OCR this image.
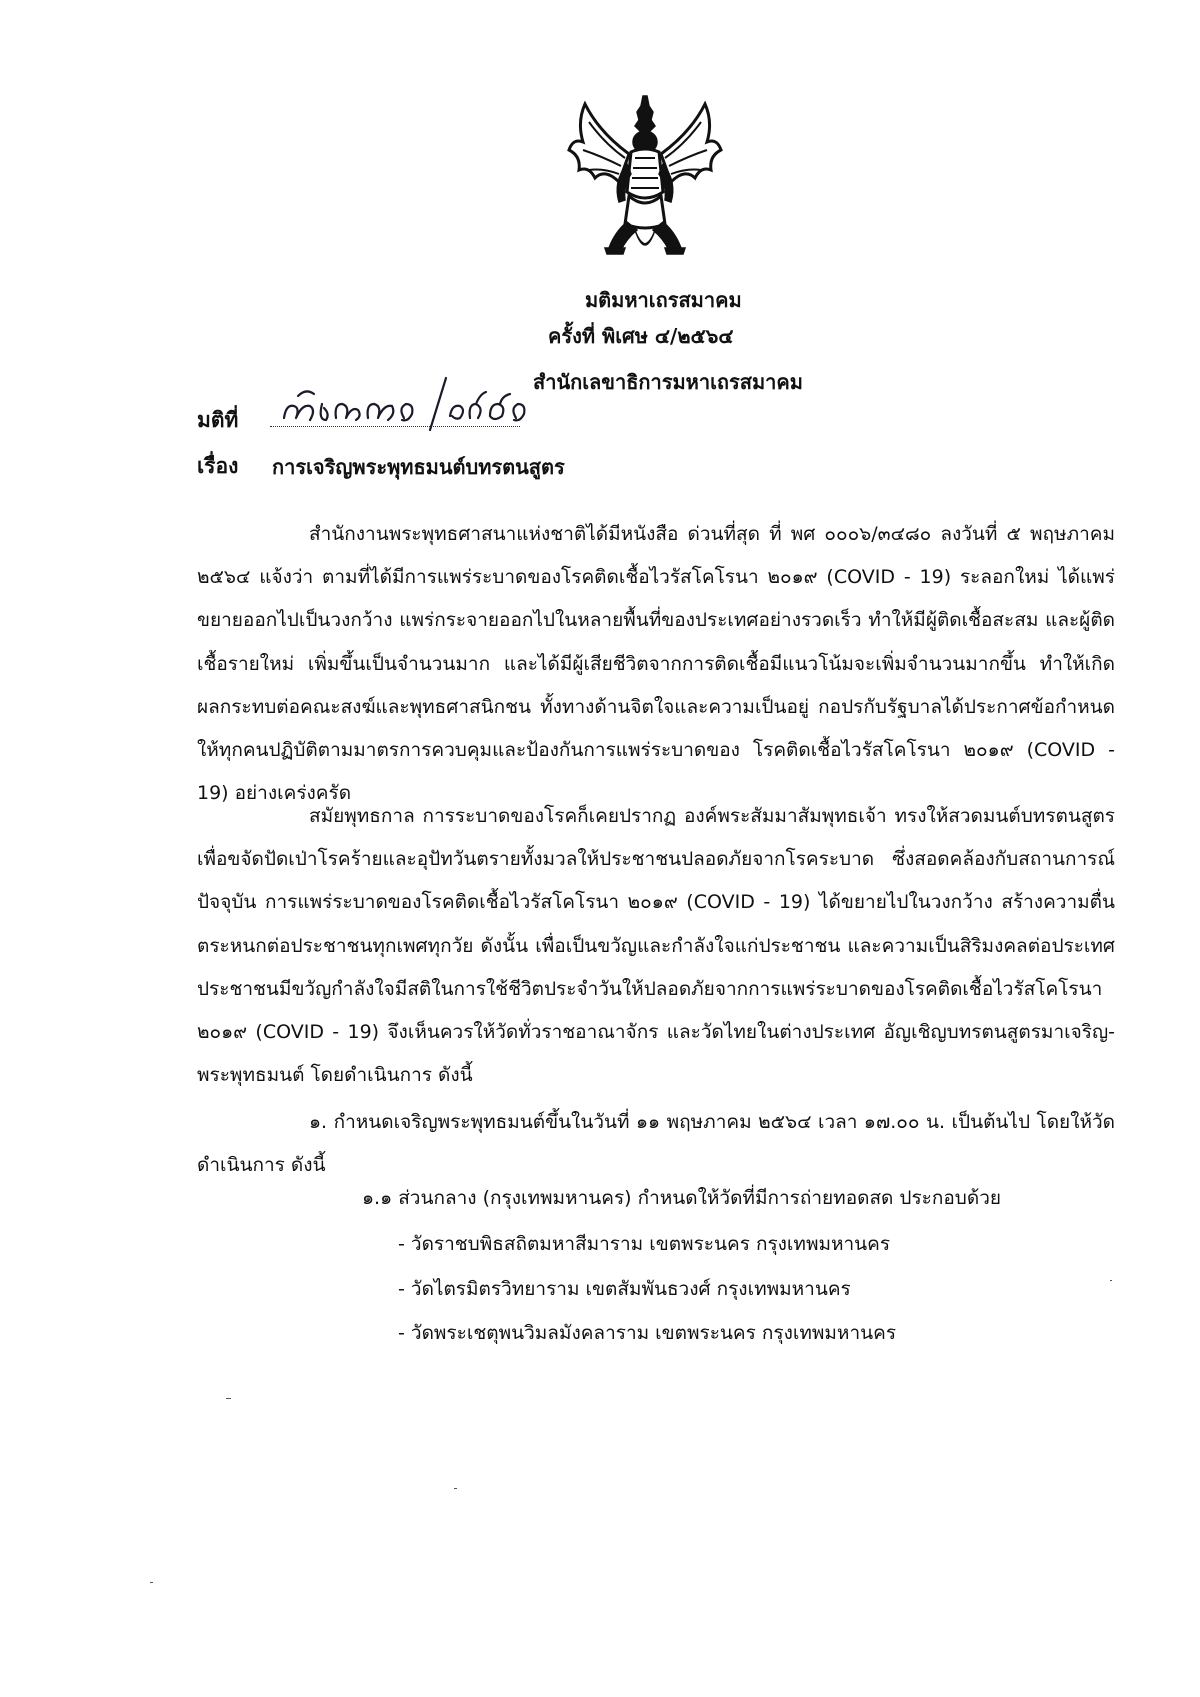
มติมหาเถรสมาคม
ครั้งที่ พิเศษ ๔/๒๕๖๔
สำนักเลขาธิการมหาเถรสมาคม
มติที่
เรื่อง การเจริญพระพุทธมนต์บทรตนสูตร

สำนักงานพระพุทธศาสนาแห่งชาติได้มีหนังสือ ด่วนที่สุด ที่ พศ ๐๐๐๖/๓๔๘๐ ลงวันที่ ๕ พฤษภาคม ๒๕๖๔ แจ้งว่า ตามที่ได้มีการแพร่ระบาดของโรคติดเชื้อไวรัสโคโรนา ๒๐๑๙ (COVID - 19) ระลอกใหม่ ได้แพร่ขยายออกไปเป็นวงกว้าง แพร่กระจายออกไปในหลายพื้นที่ของประเทศอย่างรวดเร็ว ทำให้มีผู้ติดเชื้อสะสม และผู้ติดเชื้อรายใหม่ เพิ่มขึ้นเป็นจำนวนมาก และได้มีผู้เสียชีวิตจากการติดเชื้อมีแนวโน้มจะเพิ่มจำนวนมากขึ้น ทำให้เกิดผลกระทบต่อคณะสงฆ์และพุทธศาสนิกชน ทั้งทางด้านจิตใจและความเป็นอยู่ กอปรกับรัฐบาลได้ประกาศข้อกำหนดให้ทุกคนปฏิบัติตามมาตรการควบคุมและป้องกันการแพร่ระบาดของ โรคติดเชื้อไวรัสโคโรนา ๒๐๑๙ (COVID - 19) อย่างเคร่งครัด

สมัยพุทธกาล การระบาดของโรคก็เคยปรากฏ องค์พระสัมมาสัมพุทธเจ้า ทรงให้สวดมนต์บทรตนสูตร เพื่อขจัดปัดเป่าโรคร้ายและอุปัทวันตรายทั้งมวลให้ประชาชนปลอดภัยจากโรคระบาด ซึ่งสอดคล้องกับสถานการณ์ปัจจุบัน การแพร่ระบาดของโรคติดเชื้อไวรัสโคโรนา ๒๐๑๙ (COVID - 19) ได้ขยายไปในวงกว้าง สร้างความตื่นตระหนกต่อประชาชนทุกเพศทุกวัย ดังนั้น เพื่อเป็นขวัญและกำลังใจแก่ประชาชน และความเป็นสิริมงคลต่อประเทศ ประชาชนมีขวัญกำลังใจมีสติในการใช้ชีวิตประจำวันให้ปลอดภัยจากการแพร่ระบาดของโรคติดเชื้อไวรัสโคโรนา ๒๐๑๙ (COVID - 19) จึงเห็นควรให้วัดทั่วราชอาณาจักร และวัดไทยในต่างประเทศ อัญเชิญบทรตนสูตรมาเจริญ-พระพุทธมนต์ โดยดำเนินการ ดังนี้

๑. กำหนดเจริญพระพุทธมนต์ขึ้นในวันที่ ๑๑ พฤษภาคม ๒๕๖๔ เวลา ๑๗.๐๐ น. เป็นต้นไป โดยให้วัดดำเนินการ ดังนี้

๑.๑ ส่วนกลาง (กรุงเทพมหานคร) กำหนดให้วัดที่มีการถ่ายทอดสด ประกอบด้วย
- วัดราชบพิธสถิตมหาสีมาราม เขตพระนคร กรุงเทพมหานคร
- วัดไตรมิตรวิทยาราม เขตสัมพันธวงศ์ กรุงเทพมหานคร
- วัดพระเชตุพนวิมลมังคลาราม เขตพระนคร กรุงเทพมหานคร
